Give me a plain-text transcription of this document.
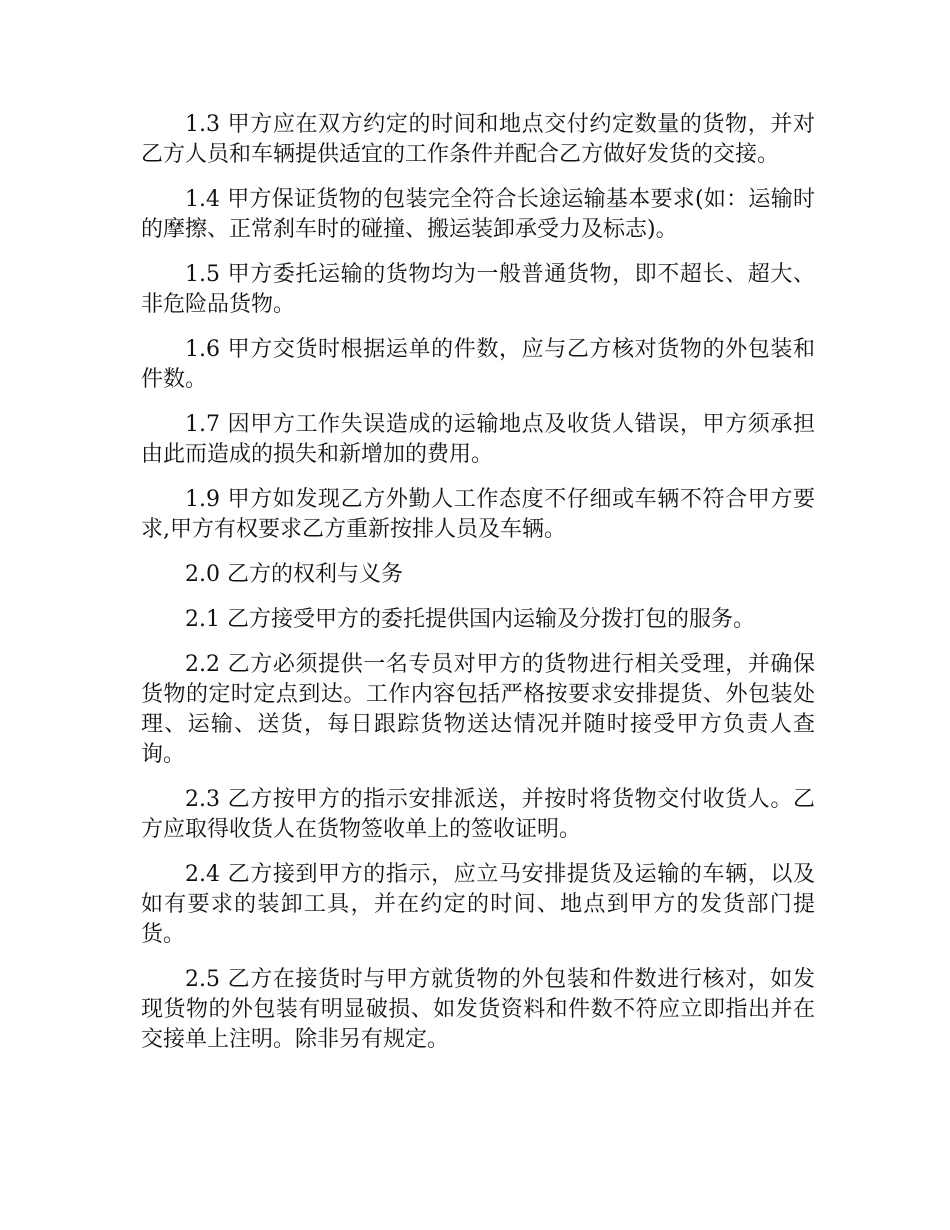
1.3 甲方应在双方约定的时间和地点交付约定数量的货物，并对乙方人员和车辆提供适宜的工作条件并配合乙方做好发货的交接。

1.4 甲方保证货物的包装完全符合长途运输基本要求(如：运输时的摩擦、正常刹车时的碰撞、搬运装卸承受力及标志)。

1.5 甲方委托运输的货物均为一般普通货物，即不超长、超大、非危险品货物。

1.6 甲方交货时根据运单的件数，应与乙方核对货物的外包装和件数。

1.7 因甲方工作失误造成的运输地点及收货人错误，甲方须承担由此而造成的损失和新增加的费用。

1.9 甲方如发现乙方外勤人工作态度不仔细或车辆不符合甲方要求,甲方有权要求乙方重新按排人员及车辆。

2.0 乙方的权利与义务

2.1 乙方接受甲方的委托提供国内运输及分拨打包的服务。

2.2 乙方必须提供一名专员对甲方的货物进行相关受理，并确保货物的定时定点到达。工作内容包括严格按要求安排提货、外包装处理、运输、送货，每日跟踪货物送达情况并随时接受甲方负责人查询。

2.3 乙方按甲方的指示安排派送，并按时将货物交付收货人。乙方应取得收货人在货物签收单上的签收证明。

2.4 乙方接到甲方的指示，应立马安排提货及运输的车辆，以及如有要求的装卸工具，并在约定的时间、地点到甲方的发货部门提货。

2.5 乙方在接货时与甲方就货物的外包装和件数进行核对，如发现货物的外包装有明显破损、如发货资料和件数不符应立即指出并在交接单上注明。除非另有规定。
